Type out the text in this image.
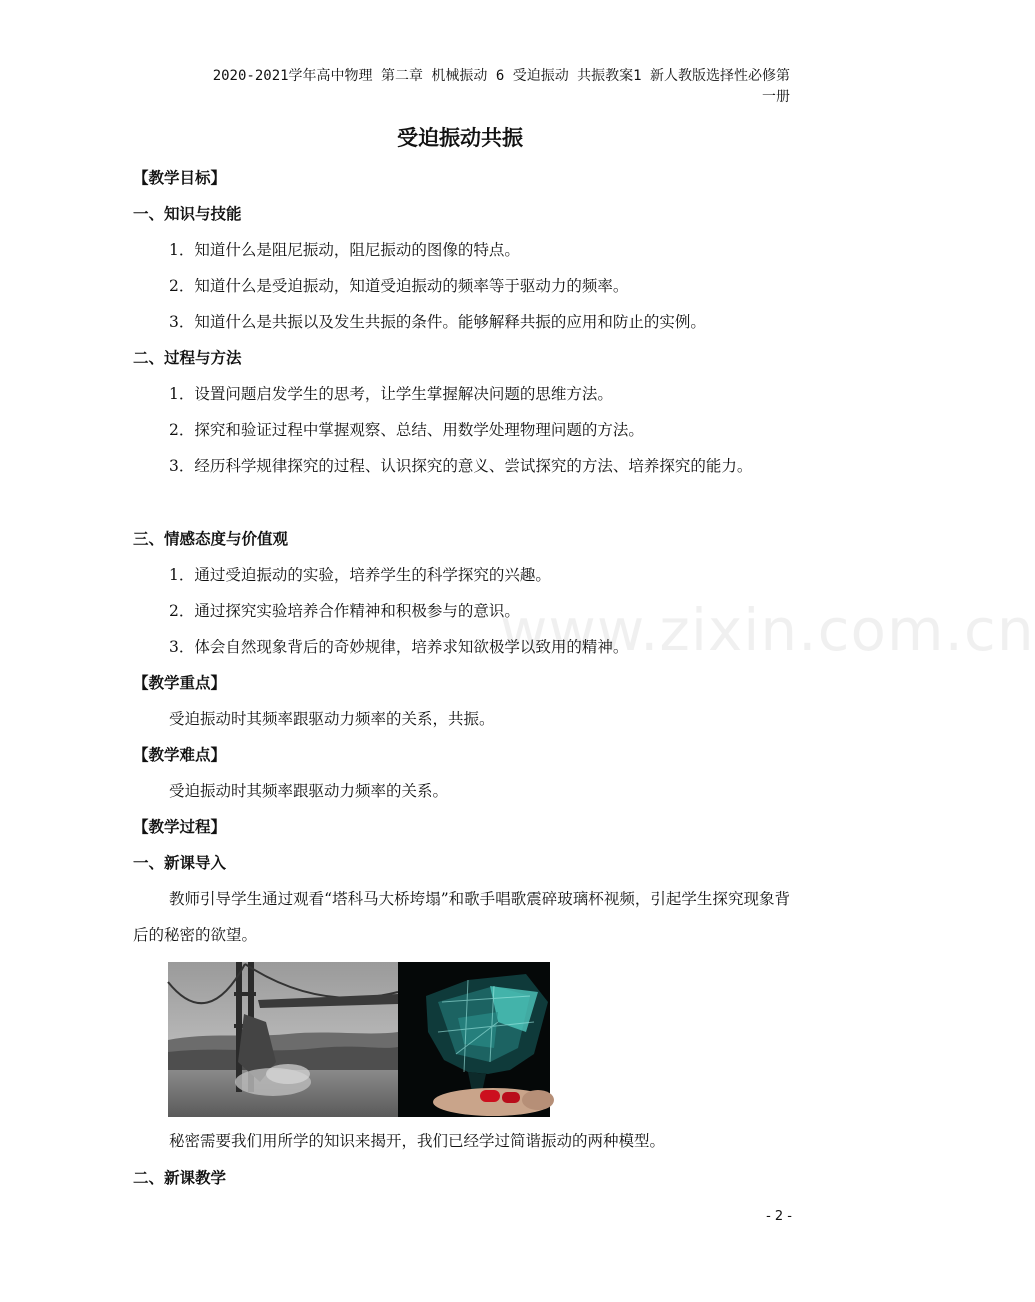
2020-2021学年高中物理 第二章 机械振动 6 受迫振动 共振教案1 新人教版选择性必修第
一册
受迫振动共振
【教学目标】
一、知识与技能
1．知道什么是阻尼振动，阻尼振动的图像的特点。
2．知道什么是受迫振动，知道受迫振动的频率等于驱动力的频率。
3．知道什么是共振以及发生共振的条件。能够解释共振的应用和防止的实例。
二、过程与方法
1．设置问题启发学生的思考，让学生掌握解决问题的思维方法。
2．探究和验证过程中掌握观察、总结、用数学处理物理问题的方法。
3．经历科学规律探究的过程、认识探究的意义、尝试探究的方法、培养探究的能力。
三、情感态度与价值观
1．通过受迫振动的实验，培养学生的科学探究的兴趣。
2．通过探究实验培养合作精神和积极参与的意识。
3．体会自然现象背后的奇妙规律，培养求知欲极学以致用的精神。
www.zixin.com.cn
【教学重点】
受迫振动时其频率跟驱动力频率的关系，共振。
【教学难点】
受迫振动时其频率跟驱动力频率的关系。
【教学过程】
一、新课导入
教师引导学生通过观看“塔科马大桥垮塌”和歌手唱歌震碎玻璃杯视频，引起学生探究现象背后的秘密的欲望。
秘密需要我们用所学的知识来揭开，我们已经学过简谐振动的两种模型。
二、新课教学
- 2 -
